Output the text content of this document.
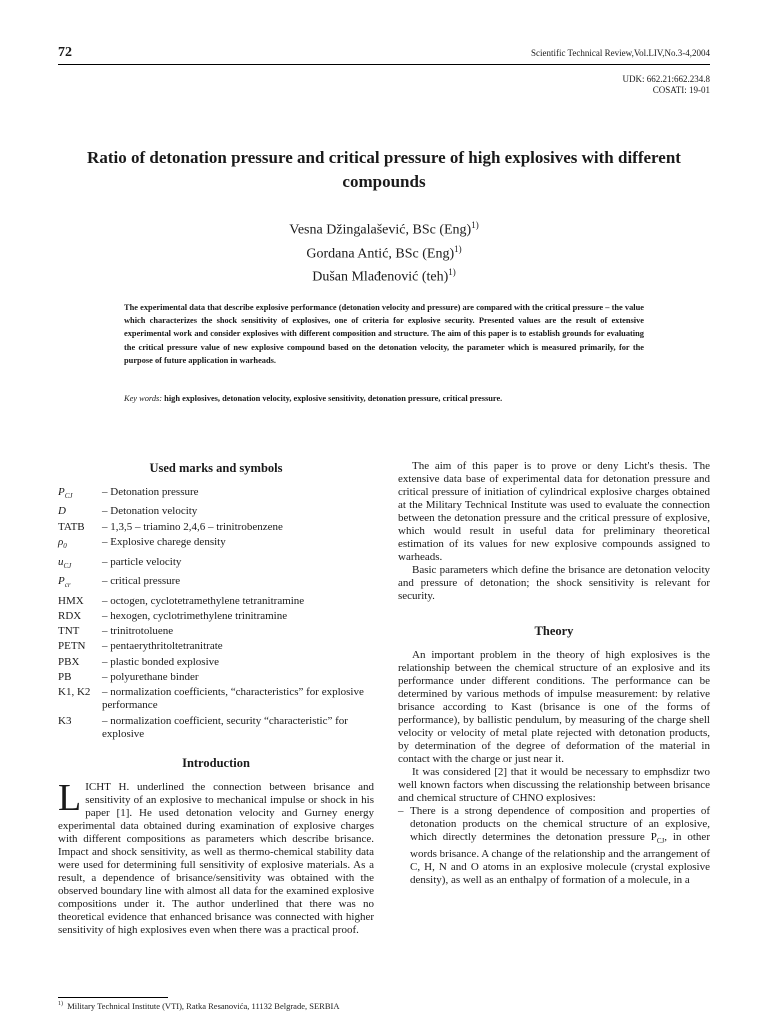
72	Scientific Technical Review,Vol.LIV,No.3-4,2004
UDK: 662.21:662.234.8
COSATI: 19-01
Ratio of detonation pressure and critical pressure of high explosives with different compounds
Vesna Džingalašević, BSc (Eng)$^{1)}$
Gordana Antić, BSc (Eng)$^{1)}$
Dušan Mlađenović (teh)$^{1)}$
The experimental data that describe explosive performance (detonation velocity and pressure) are compared with the critical pressure – the value which characterizes the shock sensitivity of explosives, one of criteria for explosive security. Presented values are the result of extensive experimental work and consider explosives with different composition and structure. The aim of this paper is to establish grounds for evaluating the critical pressure value of new explosive compound based on the detonation velocity, the parameter which is measured primarily, for the purpose of future application in warheads.
Key words: high explosives, detonation velocity, explosive sensitivity, detonation pressure, critical pressure.
Used marks and symbols
$P_{CJ}$	– Detonation pressure
D	– Detonation velocity
TATB	– 1,3,5 – triamino 2,4,6 – trinitrobenzene
$\rho_0$	– Explosive charege density
$u_{CJ}$	– particle velocity
$P_{cr}$	– critical pressure
HMX	– octogen, cyclotetramethylene tetranitramine
RDX	– hexogen, cyclotrimethylene trinitramine
TNT	– trinitrotoluene
PETN	– pentaerythritoltetranitrate
PBX	– plastic bonded explosive
PB	– polyurethane binder
K1, K2	– normalization coefficients, “characteristics” for explosive performance
K3	– normalization coefficient, security “characteristic” for explosive
Introduction

LICHT H. underlined the connection between brisance and sensitivity of an explosive to mechanical impulse or shock in his paper [1]. He used detonation velocity and Gurney energy experimental data obtained during examination of explosive charges with different compositions as parameters which describe brisance. Impact and shock sensitivity, as well as thermo-chemical stability data were used for determining full sensitivity of explosive materials. As a result, a dependence of brisance/sensitivity was obtained with the observed boundary line with almost all data for the examined explosive compositions under it. The author underlined that there was no theoretical evidence that enhanced brisance was connected with higher sensitivity of high explosives even when there was a practical proof.

The aim of this paper is to prove or deny Licht's thesis. The extensive data base of experimental data for detonation pressure and critical pressure of initiation of cylindrical explosive charges obtained at the Military Technical Institute was used to evaluate the connection between the detonation pressure and the critical pressure of explosive, which would result in useful data for preliminary theoretical estimation of its values for new explosive compounds assigned to warheads.

Basic parameters which define the brisance are detonation velocity and pressure of detonation; the shock sensitivity is relevant for security.

Theory

An important problem in the theory of high explosives is the relationship between the chemical structure of an explosive and its performance under different conditions. The performance can be determined by various methods of impulse measurement: by relative brisance according to Kast (brisance is one of the forms of performance), by ballistic pendulum, by measuring of the charge shell velocity or velocity of metal plate rejected with detonation products, by determination of the degree of deformation of the material in contact with the charge or just near it.

It was considered [2] that it would be necessary to emphsdizr two well known factors when discussing the relationship between brisance and chemical structure of CHNO explosives:

– There is a strong dependence of composition and properties of detonation products on the chemical structure of an explosive, which directly determines the detonation pressure $P_{CJ}$, in other words brisance. A change of the relationship and the arrangement of C, H, N and O atoms in an explosive molecule (crystal explosive density), as well as an enthalpy of formation of a molecule, in a
$^{1)}$ Military Technical Institute (VTI), Ratka Resanovića, 11132 Belgrade, SERBIA
